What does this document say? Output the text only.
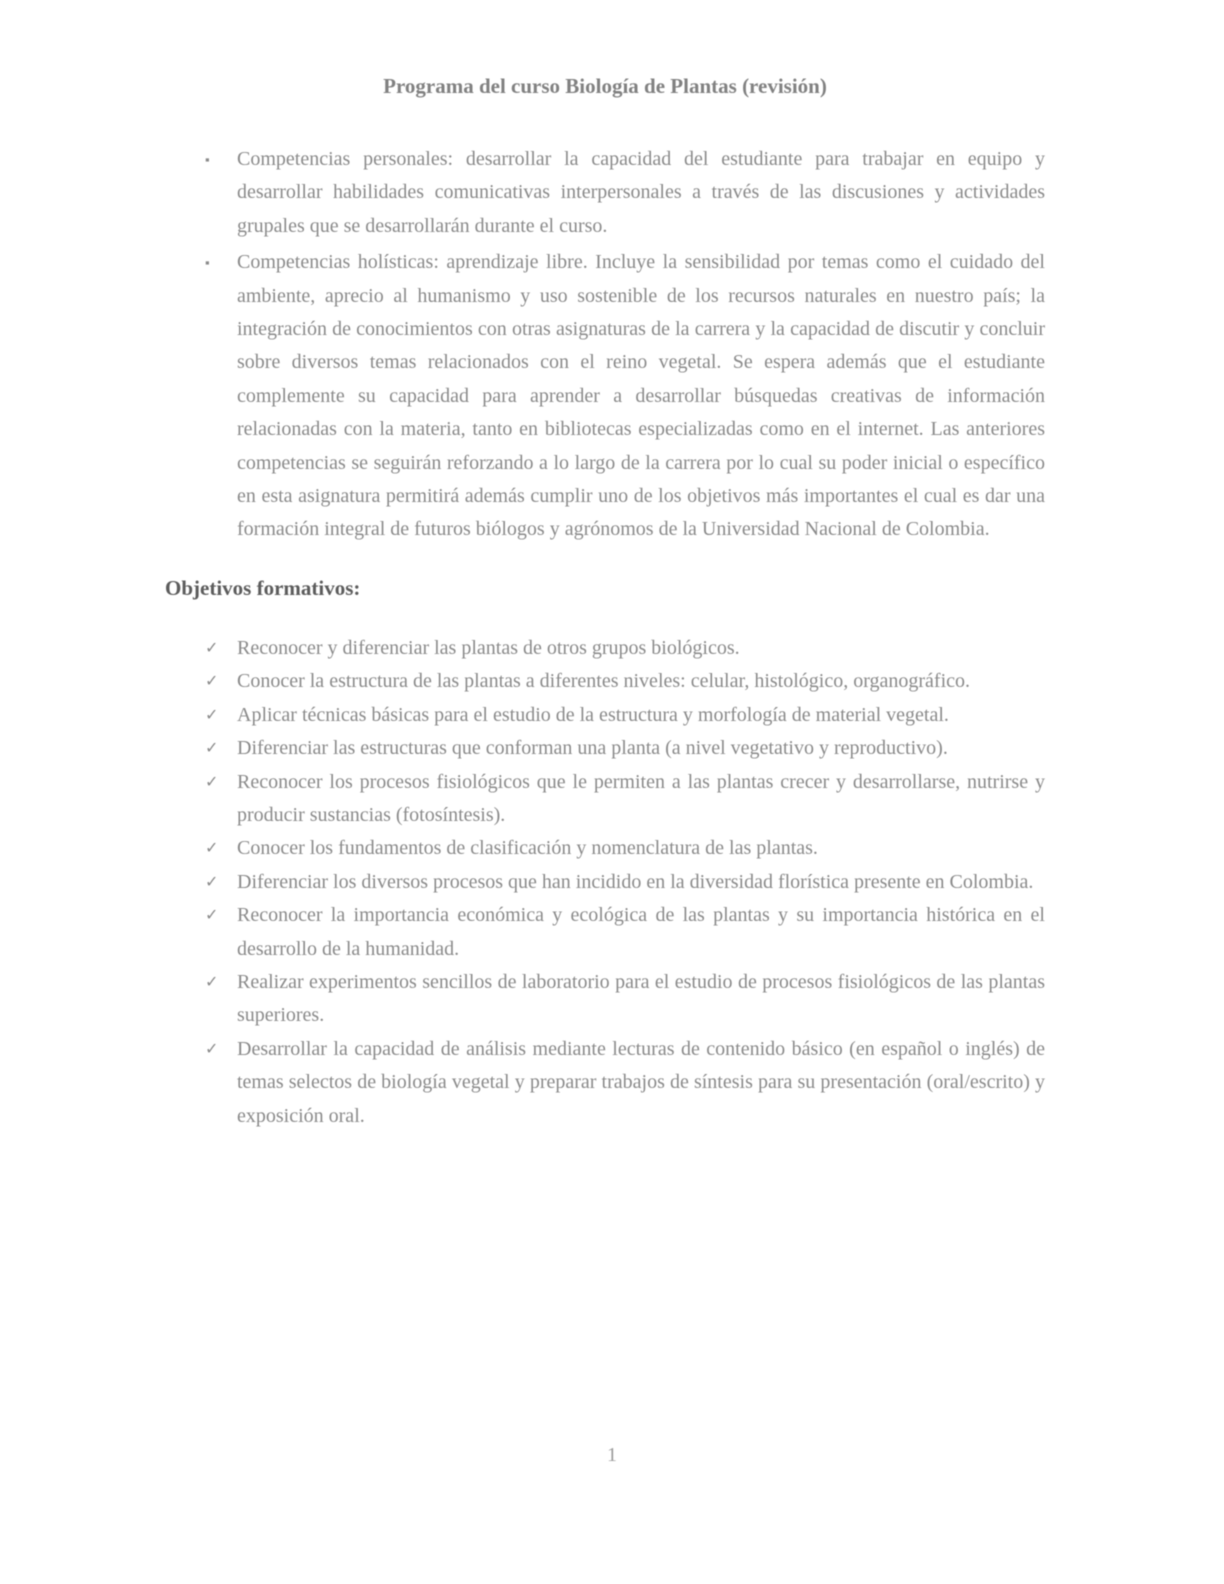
Programa del curso Biología de Plantas (revisión)
▪	Competencias personales: desarrollar la capacidad del estudiante para trabajar en equipo y desarrollar habilidades comunicativas interpersonales a través de las discusiones y actividades grupales que se desarrollarán durante el curso.
▪	Competencias holísticas: aprendizaje libre. Incluye la sensibilidad por temas como el cuidado del ambiente, aprecio al humanismo y uso sostenible de los recursos naturales en nuestro país; la integración de conocimientos con otras asignaturas de la carrera y la capacidad de discutir y concluir sobre diversos temas relacionados con el reino vegetal. Se espera además que el estudiante complemente su capacidad para aprender a desarrollar búsquedas creativas de información relacionadas con la materia, tanto en bibliotecas especializadas como en el internet. Las anteriores competencias se seguirán reforzando a lo largo de la carrera por lo cual su poder inicial o específico en esta asignatura permitirá además cumplir uno de los objetivos más importantes el cual es dar una formación integral de futuros biólogos y agrónomos de la Universidad Nacional de Colombia.
Objetivos formativos:
✓ Reconocer y diferenciar las plantas de otros grupos biológicos.
✓ Conocer la estructura de las plantas a diferentes niveles: celular, histológico, organográfico.
✓ Aplicar técnicas básicas para el estudio de la estructura y morfología de material vegetal.
✓ Diferenciar las estructuras que conforman una planta (a nivel vegetativo y reproductivo).
✓ Reconocer los procesos fisiológicos que le permiten a las plantas crecer y desarrollarse, nutrirse y producir sustancias (fotosíntesis).
✓ Conocer los fundamentos de clasificación y nomenclatura de las plantas.
✓ Diferenciar los diversos procesos que han incidido en la diversidad florística presente en Colombia.
✓ Reconocer la importancia económica y ecológica de las plantas y su importancia histórica en el desarrollo de la humanidad.
✓ Realizar experimentos sencillos de laboratorio para el estudio de procesos fisiológicos de las plantas superiores.
✓ Desarrollar la capacidad de análisis mediante lecturas de contenido básico (en español o inglés) de temas selectos de biología vegetal y preparar trabajos de síntesis para su presentación (oral/escrito) y exposición oral.
1
